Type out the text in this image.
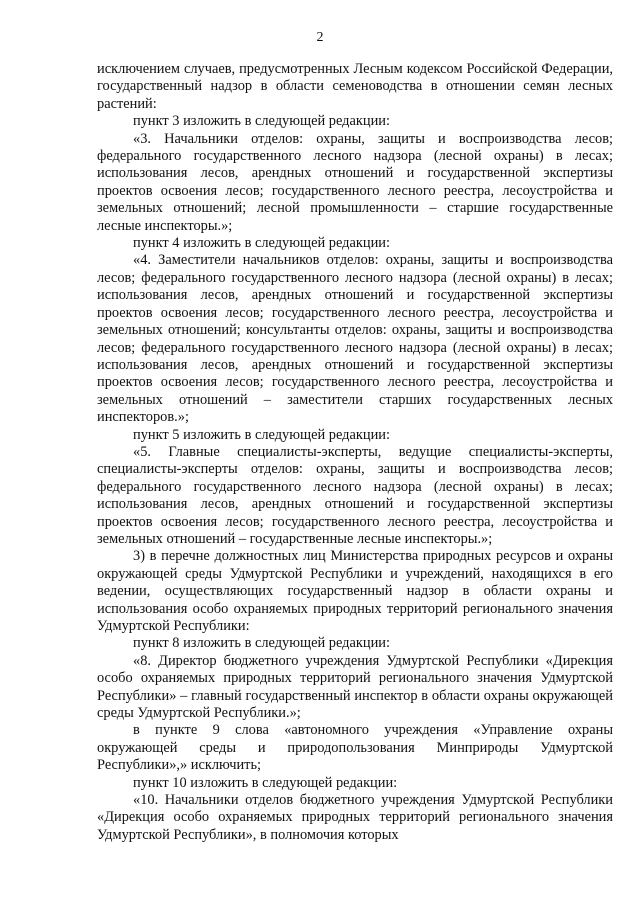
2

исключением случаев, предусмотренных Лесным кодексом Российской Федерации, государственный надзор в области семеноводства в отношении семян лесных растений:

пункт 3 изложить в следующей редакции:

«3. Начальники отделов: охраны, защиты и воспроизводства лесов; федерального государственного лесного надзора (лесной охраны) в лесах; использования лесов, арендных отношений и государственной экспертизы проектов освоения лесов; государственного лесного реестра, лесоустройства и земельных отношений; лесной промышленности – старшие государственные лесные инспекторы.»;

пункт 4 изложить в следующей редакции:

«4. Заместители начальников отделов: охраны, защиты и воспроизводства лесов; федерального государственного лесного надзора (лесной охраны) в лесах; использования лесов, арендных отношений и государственной экспертизы проектов освоения лесов; государственного лесного реестра, лесоустройства и земельных отношений; консультанты отделов: охраны, защиты и воспроизводства лесов; федерального государственного лесного надзора (лесной охраны) в лесах; использования лесов, арендных отношений и государственной экспертизы проектов освоения лесов; государственного лесного реестра, лесоустройства и земельных отношений – заместители старших государственных лесных инспекторов.»;

пункт 5 изложить в следующей редакции:

«5. Главные специалисты-эксперты, ведущие специалисты-эксперты, специалисты-эксперты отделов: охраны, защиты и воспроизводства лесов; федерального государственного лесного надзора (лесной охраны) в лесах; использования лесов, арендных отношений и государственной экспертизы проектов освоения лесов; государственного лесного реестра, лесоустройства и земельных отношений – государственные лесные инспекторы.»;

3) в перечне должностных лиц Министерства природных ресурсов и охраны окружающей среды Удмуртской Республики и учреждений, находящихся в его ведении, осуществляющих государственный надзор в области охраны и использования особо охраняемых природных территорий регионального значения Удмуртской Республики:

пункт 8 изложить в следующей редакции:

«8. Директор бюджетного учреждения Удмуртской Республики «Дирекция особо охраняемых природных территорий регионального значения Удмуртской Республики» – главный государственный инспектор в области охраны окружающей среды Удмуртской Республики.»;

в пункте 9 слова «автономного учреждения «Управление охраны окружающей среды и природопользования Минприроды Удмуртской Республики»,» исключить;

пункт 10 изложить в следующей редакции:

«10. Начальники отделов бюджетного учреждения Удмуртской Республики «Дирекция особо охраняемых природных территорий регионального значения Удмуртской Республики», в полномочия которых
